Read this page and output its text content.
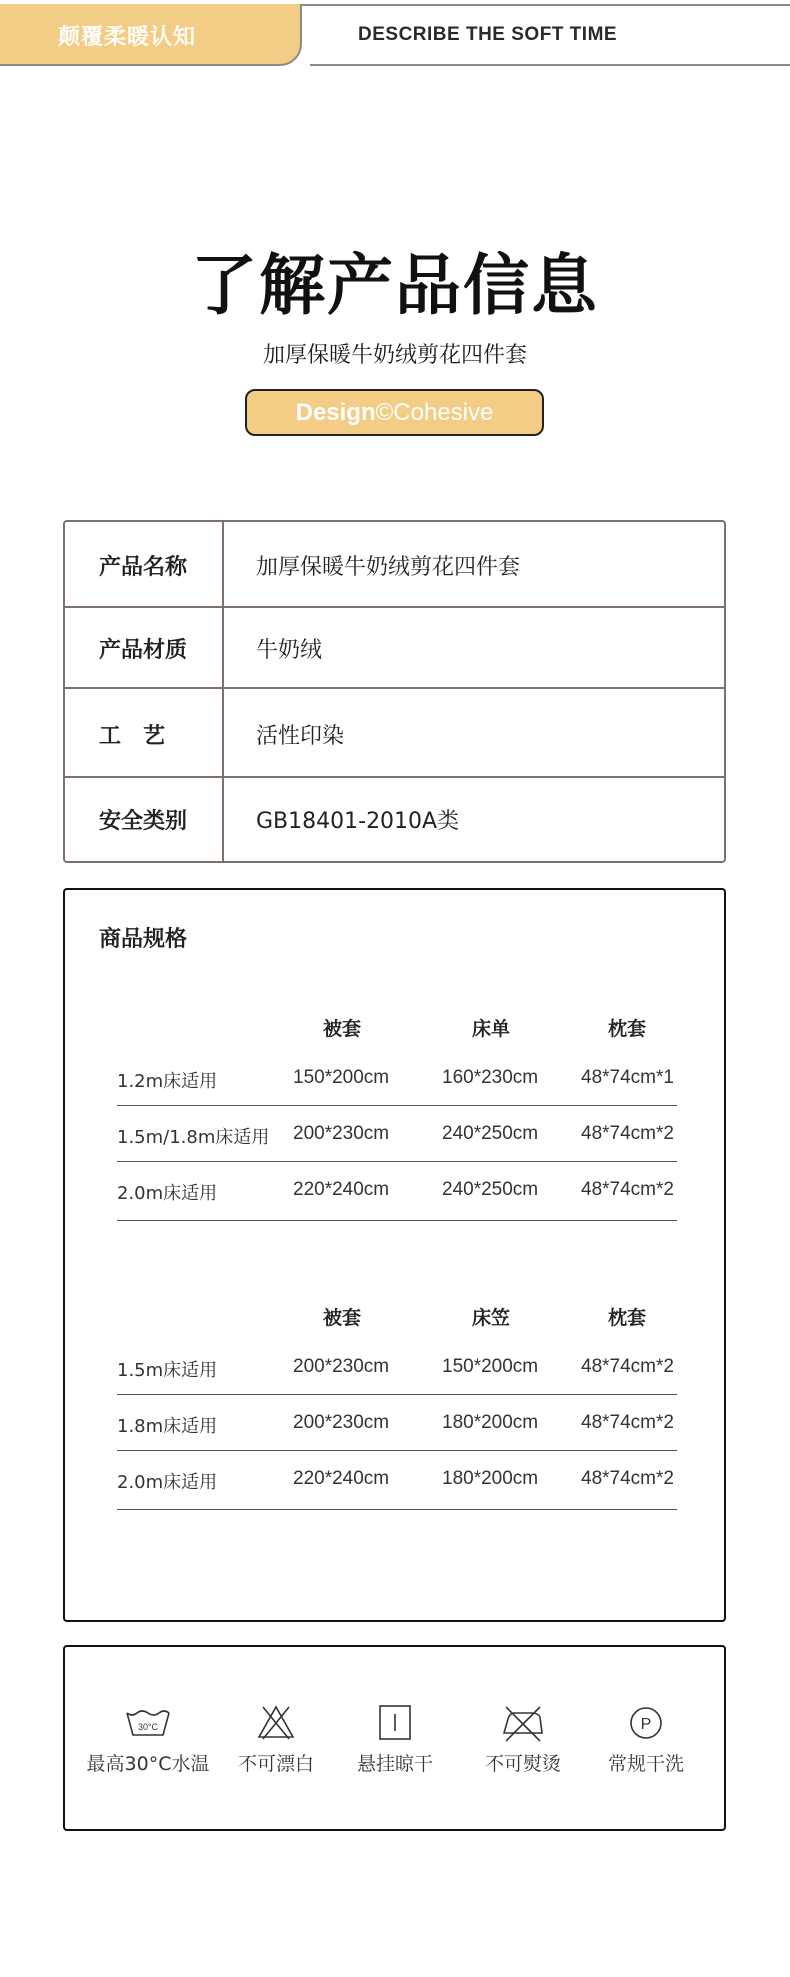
颠覆柔暖认知	DESCRIBE THE SOFT TIME
了解产品信息
加厚保暖牛奶绒剪花四件套
Design©Cohesive
产品名称	加厚保暖牛奶绒剪花四件套
产品材质	牛奶绒
工　艺	活性印染
安全类别	GB18401-2010A类
商品规格
被套	床单	枕套
1.2m床适用	150*200cm	160*230cm 48*74cm*1
1.5m/1.8m床适用 200*230cm	240*250cm 48*74cm*2
2.0m床适用	220*240cm	240*250cm 48*74cm*2
被套	床笠	枕套
1.5m床适用	200*230cm	150*200cm 48*74cm*2
1.8m床适用	200*230cm	180*200cm 48*74cm*2
2.0m床适用	220*240cm	180*200cm 48*74cm*2
30°C
最高30°C水温	不可漂白	悬挂晾干	不可熨烫
P
常规干洗
